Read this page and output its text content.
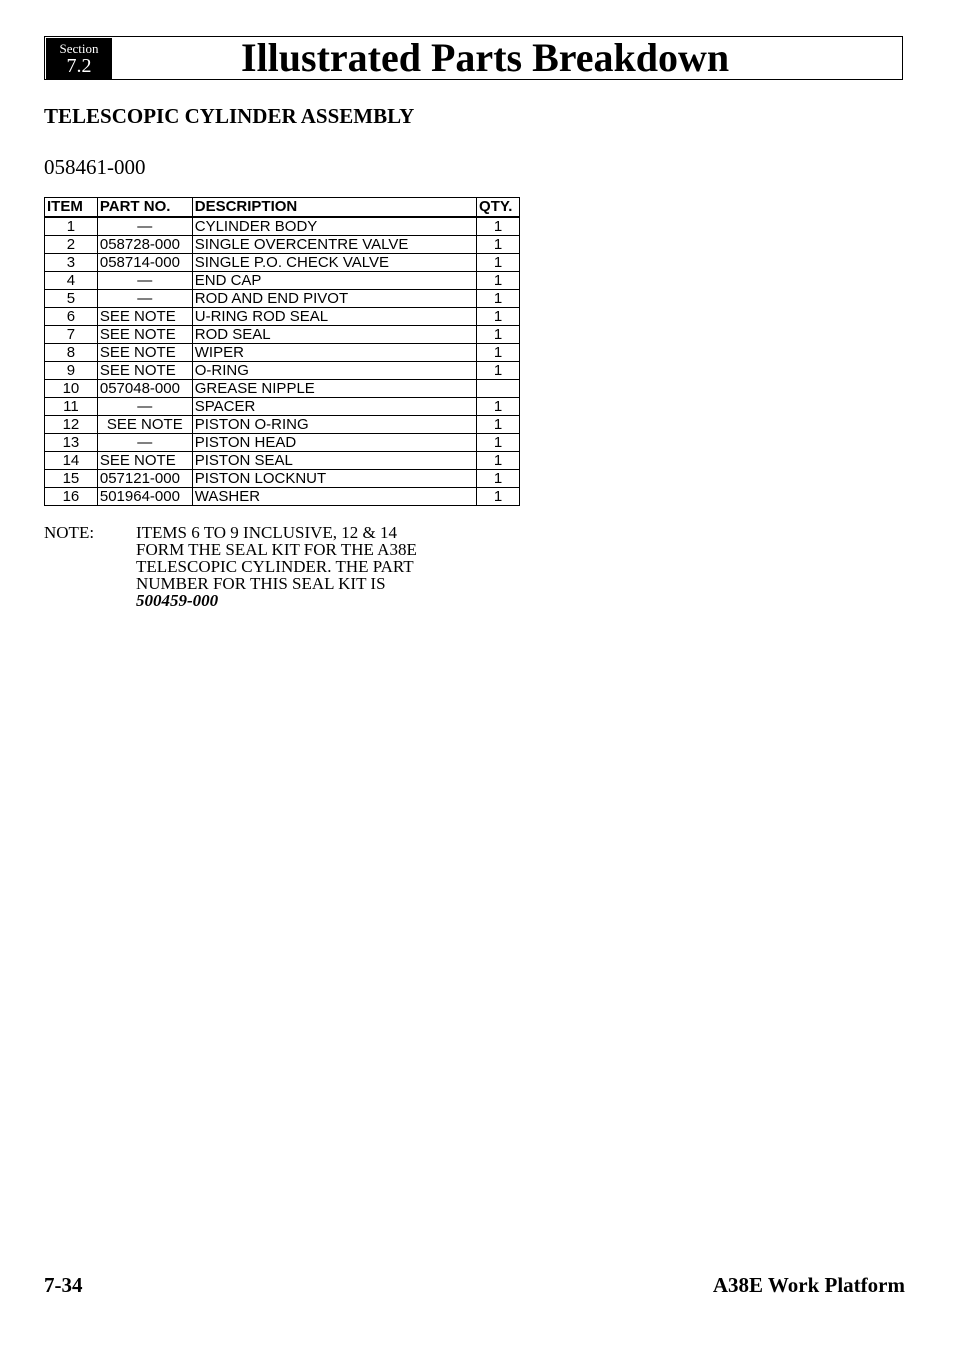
Section
7.2	Illustrated Parts Breakdown
TELESCOPIC CYLINDER ASSEMBLY
058461-000
ITEM	PART NO.	DESCRIPTION	QTY.
1	—	CYLINDER BODY	1
2	058728-000	SINGLE OVERCENTRE VALVE	1
3	058714-000	SINGLE P.O. CHECK VALVE	1
4	—	END CAP	1
5	—	ROD AND END PIVOT	1
6	SEE NOTE	U-RING ROD SEAL	1
7	SEE NOTE	ROD SEAL	1
8	SEE NOTE	WIPER	1
9	SEE NOTE	O-RING	1
10	057048-000	GREASE NIPPLE	
11	—	SPACER	1
12	SEE NOTE	PISTON O-RING	1
13	—	PISTON HEAD	1
14	SEE NOTE	PISTON SEAL	1
15	057121-000	PISTON LOCKNUT	1
16	501964-000	WASHER	1
NOTE: ITEMS 6 TO 9 INCLUSIVE, 12 & 14
FORM THE SEAL KIT FOR THE A38E
TELESCOPIC CYLINDER. THE PART
NUMBER FOR THIS SEAL KIT IS
500459-000
7-34	A38E Work Platform
